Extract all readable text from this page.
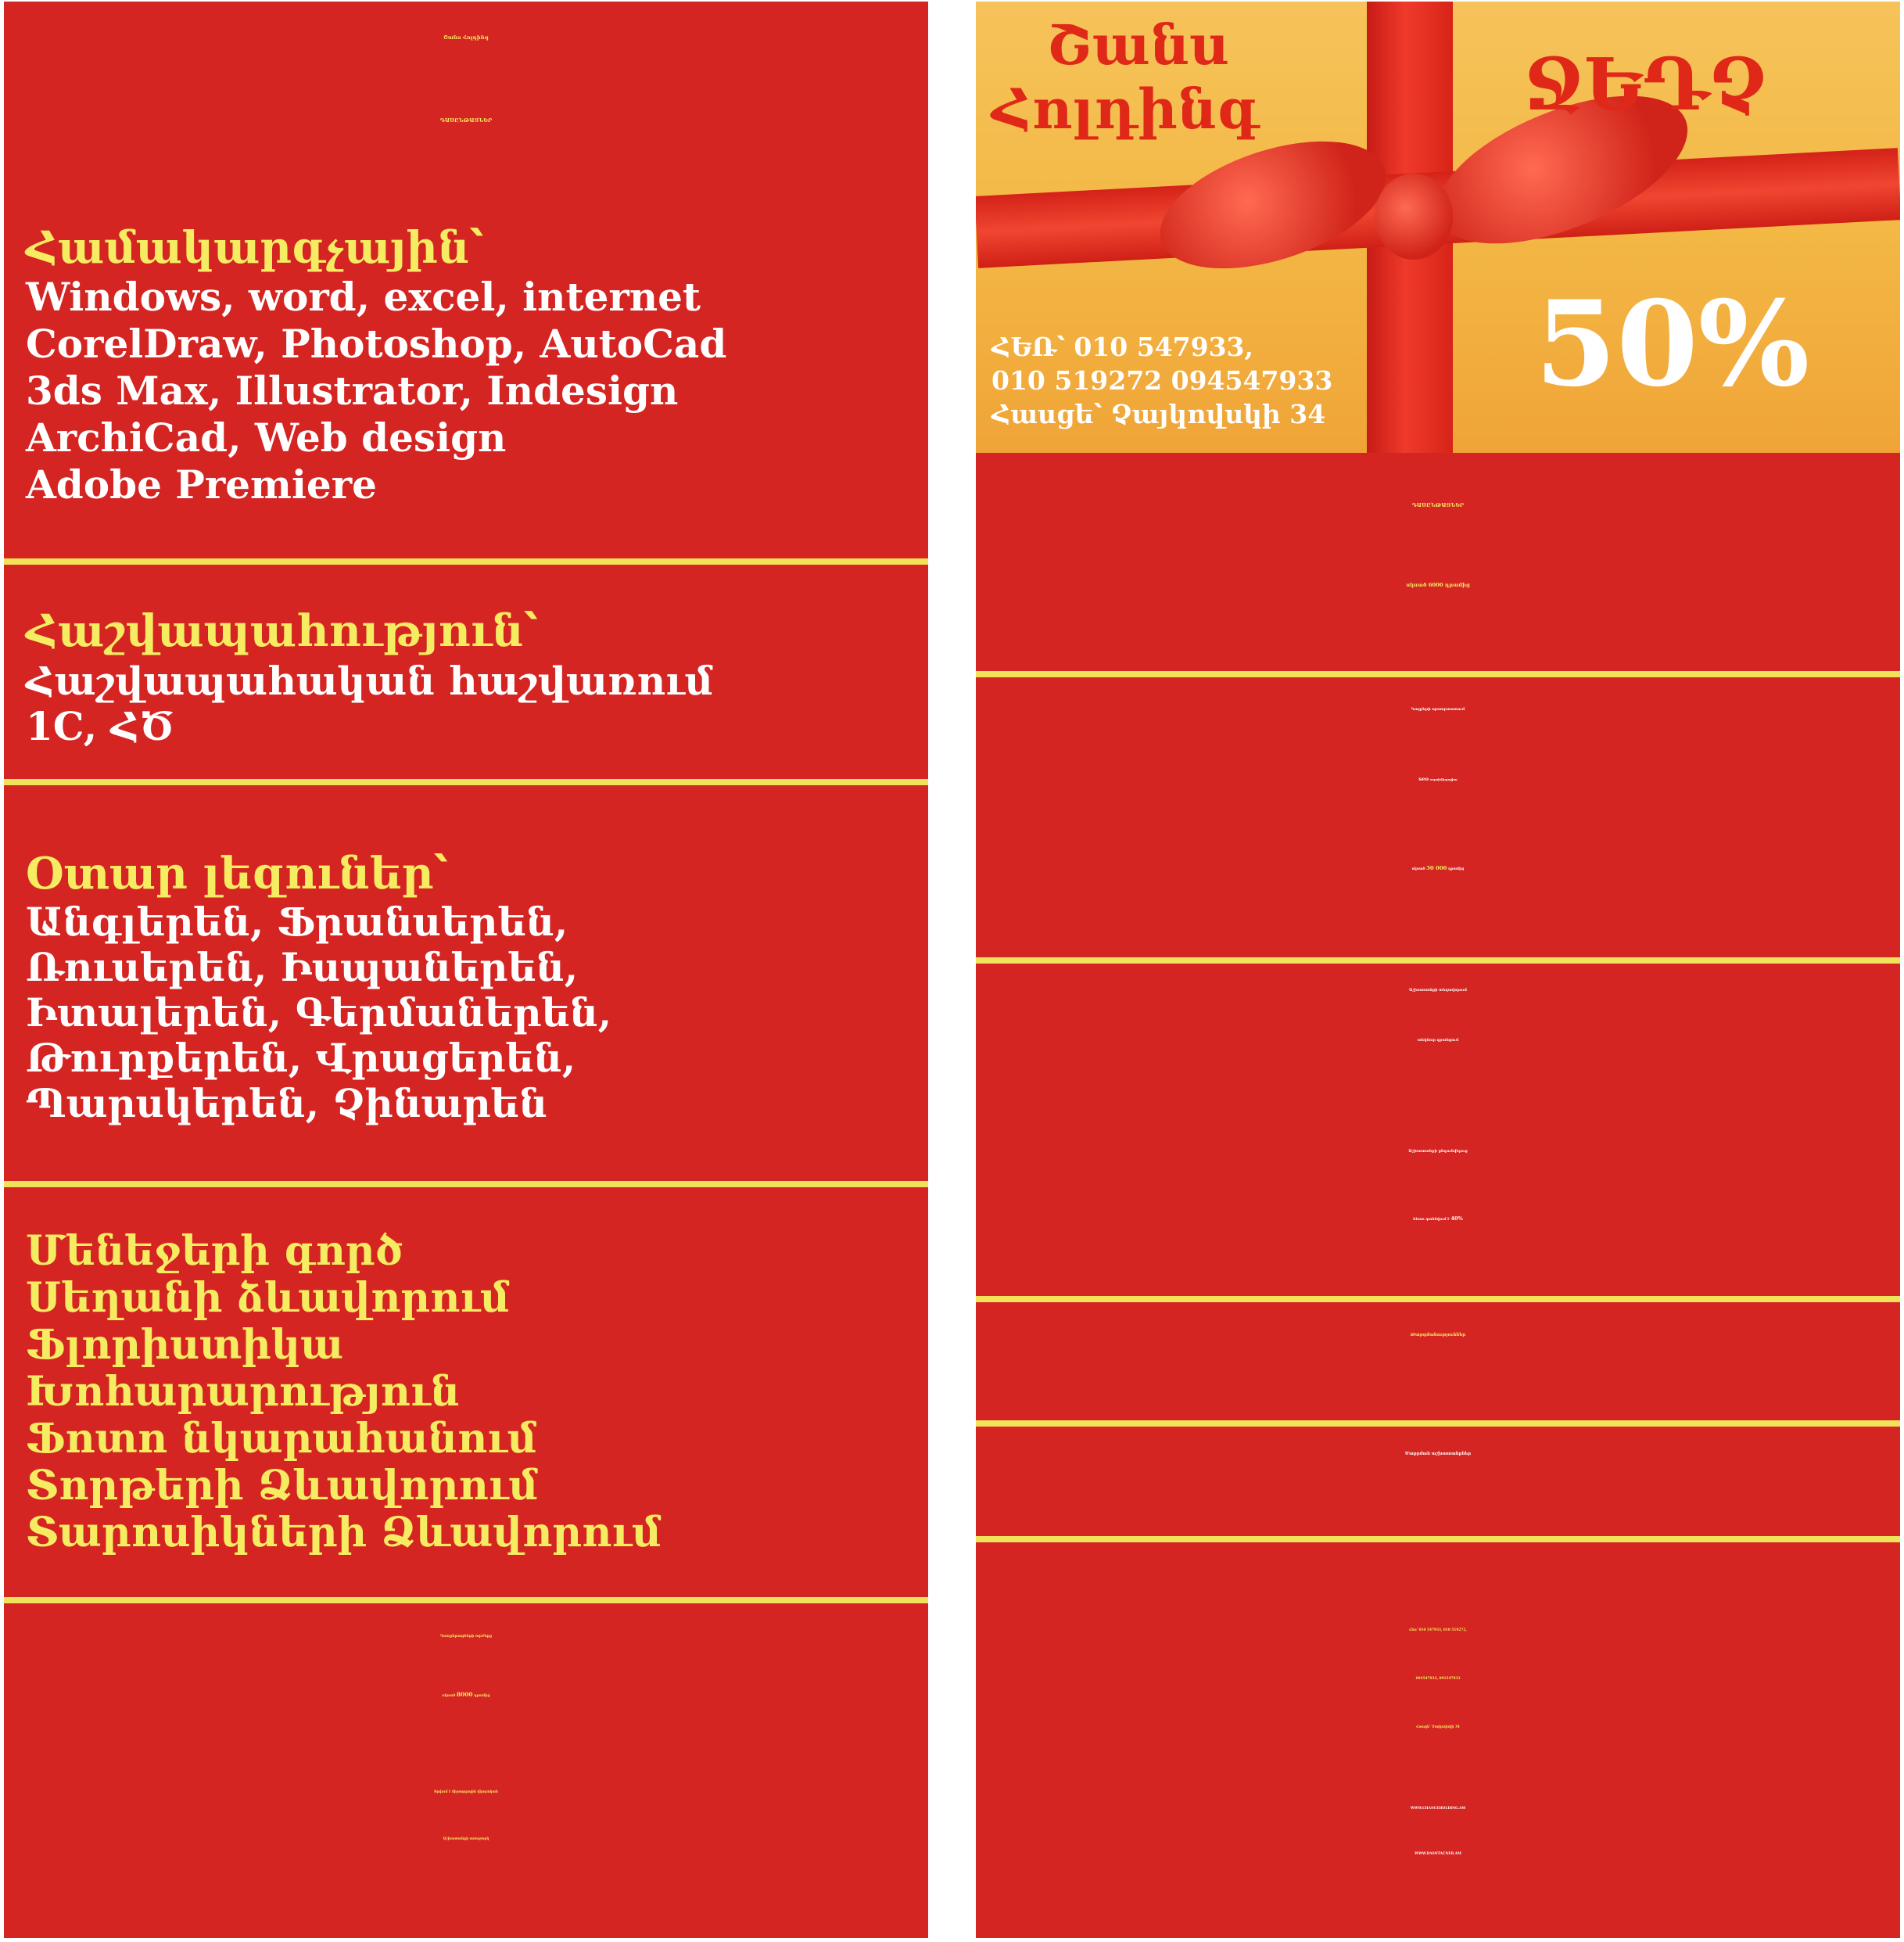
Շանս Հոլդինգ
ԴԱՍԸՆԹԱՑՆԵՐ
Համակարգչային՝
Windows, word, excel, internet
CorelDraw, Photoshop, AutoCad
3ds Max, Illustrator, Indesign
ArchiCad, Web design
Adobe Premiere
Հաշվապահություն՝
Հաշվապահական հաշվառում
1C, ՀԾ
Օտար լեզուներ՝
Անգլերեն, Ֆրանսերեն,
Ռուսերեն, Իսպաներեն,
Իտալերեն, Գերմաներեն,
Թուրքերեն, Վրացերեն,
Պարսկերեն, Չինարեն
Մենեջերի գործ
Սեղանի ձևավորում
Ֆլորիստիկա
Խոհարարություն
Ֆոտո նկարահանում
Տորթերի Ձևավորում
Տարոսիկների Ձևավորում
Դասընթացների արժեքը
սկսած 8000 դրամից
Տրվում է միջազգային վկայական
Աշխատանքի առաջարկ
Շանս
Հոլդինգ	ՋԵԴՉ
ՀԵՌ՝ 010 547933,
010 519272 094547933
Հասցե՝ Չայկովսկի 34
50%
ԴԱՍԸՆԹԱՑՆԵՐ
սկսած 6000 դրամից
Կայքերի պատրաստում
seo օպտիմիզացիա
սկսած 30 000 դրամից
Աշխատանքի տեղավորում
անվճար գրանցում
Աշխատանքի ընդունվելուց
հետո գանձվում է 40%
Թարգմանություններ
Մաքրման աշխատանքներ
Հեռ՝ 010 547933, 010 519272,
094547933, 091547933
Հասցե՝ Չայկովսկի 34
WWW.CHANCEHOLDING.AM
WWW.DASNTACNER.AM
